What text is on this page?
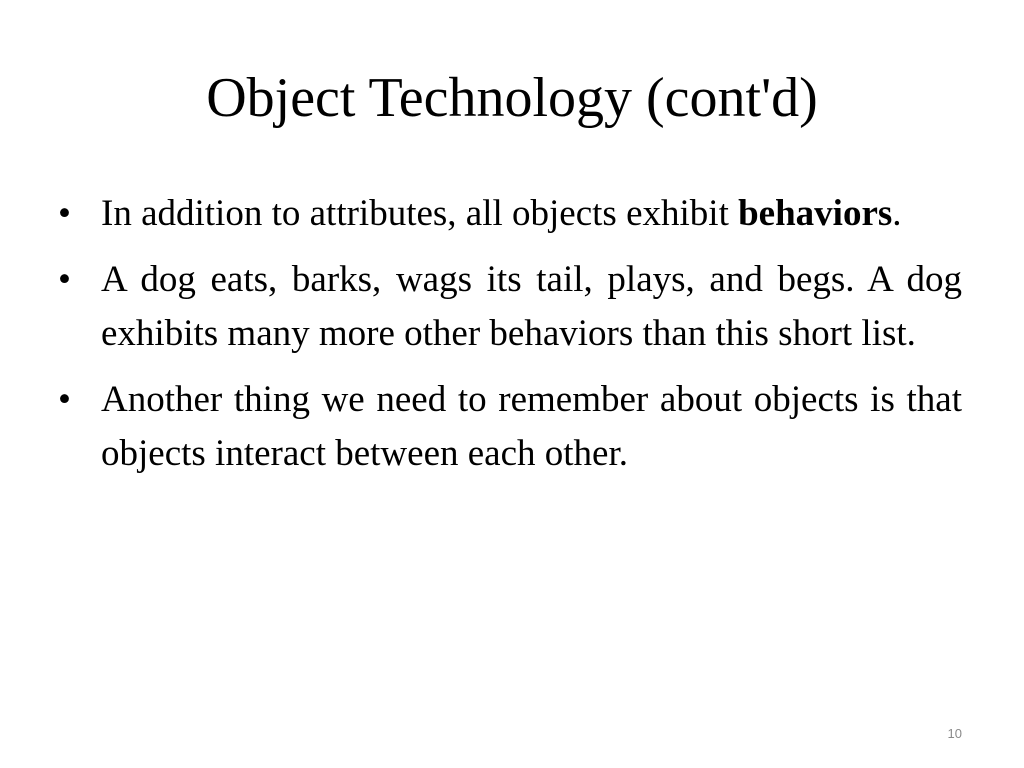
Object Technology (cont'd)
• In addition to attributes, all objects exhibit behaviors.
• A dog eats, barks, wags its tail, plays, and begs. A dog exhibits many more other behaviors than this short list.
• Another thing we need to remember about objects is that objects interact between each other.
10
